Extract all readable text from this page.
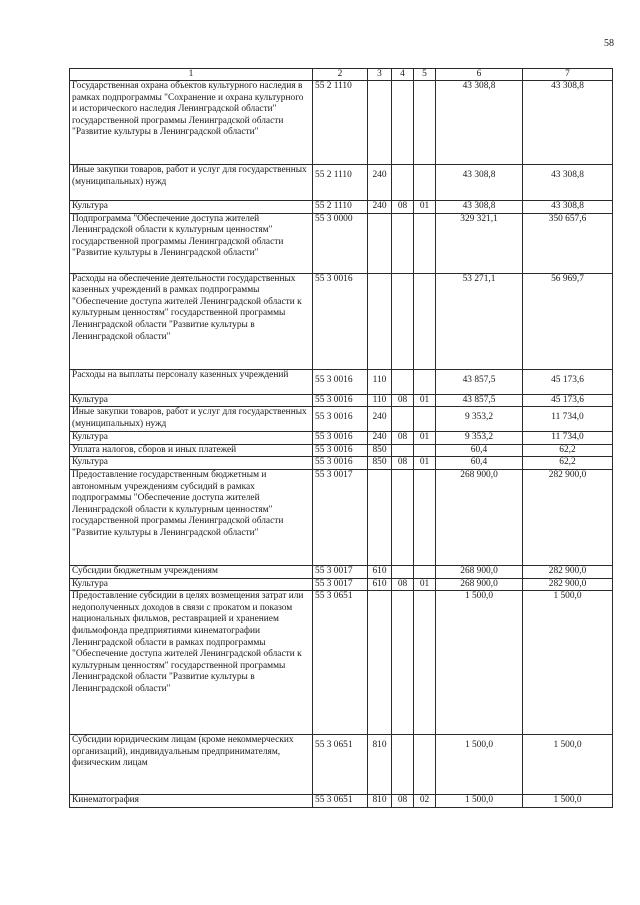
58
1	2	3	4	5	6	7
Государственная охрана объектов культурного наследия в рамках подпрограммы "Сохранение и охрана культурного и исторического наследия Ленинградской области" государственной программы Ленинградской области "Развитие культуры в Ленинградской области"	55 2 1110				43 308,8	43 308,8
Иные закупки товаров, работ и услуг для государственных (муниципальных) нужд	55 2 1110	240			43 308,8	43 308,8
Культура	55 2 1110	240	08	01	43 308,8	43 308,8
Подпрограмма "Обеспечение доступа жителей Ленинградской области к культурным ценностям" государственной программы Ленинградской области "Развитие культуры в Ленинградской области"	55 3 0000				329 321,1	350 657,6
Расходы на обеспечение деятельности государственных казенных учреждений в рамках подпрограммы "Обеспечение доступа жителей Ленинградской области к культурным ценностям" государственной программы Ленинградской области "Развитие культуры в Ленинградской области"	55 3 0016				53 271,1	56 969,7
Расходы на выплаты персоналу казенных учреждений	55 3 0016	110			43 857,5	45 173,6
Культура	55 3 0016	110	08	01	43 857,5	45 173,6
Иные закупки товаров, работ и услуг для государственных (муниципальных) нужд	55 3 0016	240			9 353,2	11 734,0
Культура	55 3 0016	240	08	01	9 353,2	11 734,0
Уплата налогов, сборов и иных платежей	55 3 0016	850			60,4	62,2
Культура	55 3 0016	850	08	01	60,4	62,2
Предоставление государственным бюджетным и автономным учреждениям субсидий в рамках подпрограммы "Обеспечение доступа жителей Ленинградской области к культурным ценностям" государственной программы Ленинградской области "Развитие культуры в Ленинградской области"	55 3 0017				268 900,0	282 900,0
Субсидии бюджетным учреждениям	55 3 0017	610			268 900,0	282 900,0
Культура	55 3 0017	610	08	01	268 900,0	282 900,0
Предоставление субсидии в целях возмещения затрат или недополученных доходов в связи с прокатом и показом национальных фильмов, реставрацией и хранением фильмофонда предприятиями кинематографии Ленинградской области в рамках подпрограммы "Обеспечение доступа жителей Ленинградской области к культурным ценностям" государственной программы Ленинградской области "Развитие культуры в Ленинградской области"	55 3 0651				1 500,0	1 500,0
Субсидии юридическим лицам (кроме некоммерческих организаций), индивидуальным предпринимателям, физическим лицам	55 3 0651	810			1 500,0	1 500,0
Кинематография	55 3 0651	810	08	02	1 500,0	1 500,0
